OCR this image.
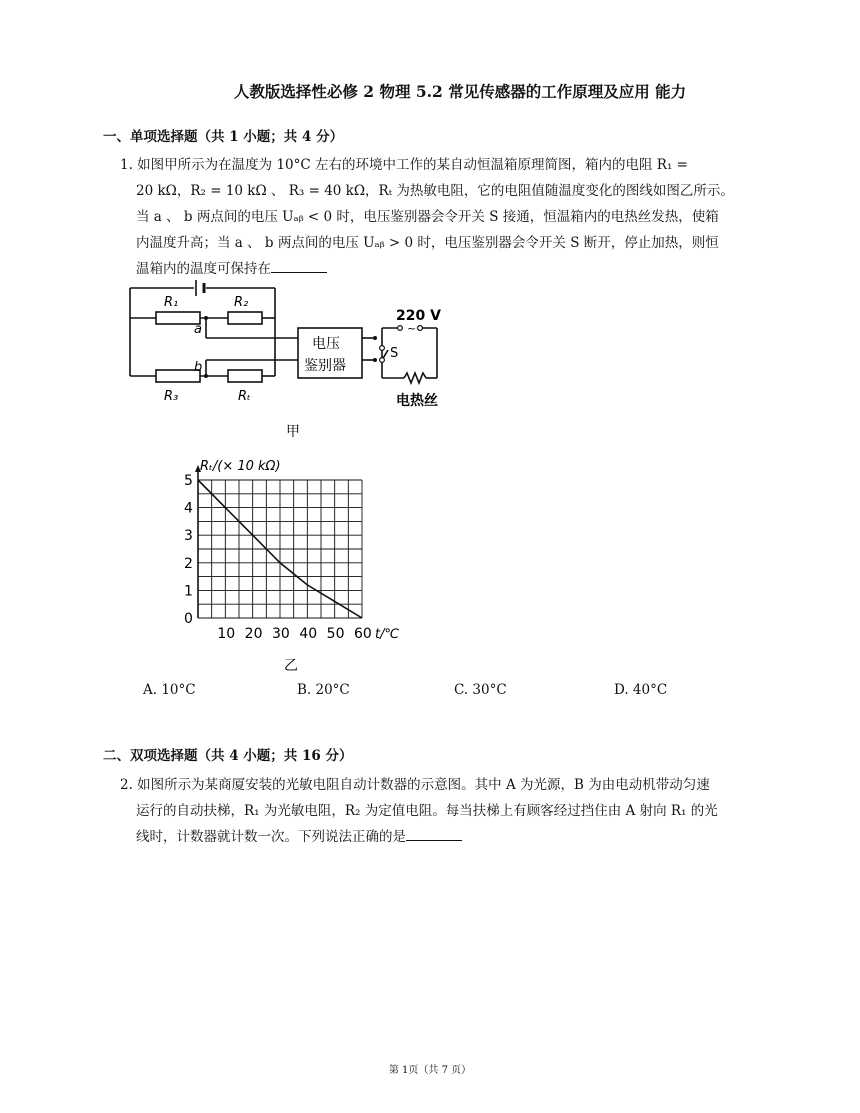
人教版选择性必修 2 物理 5.2 常见传感器的工作原理及应用 能力
一、单项选择题（共 1 小题；共 4 分）
1. 如图甲所示为在温度为 10°C 左右的环境中工作的某自动恒温箱原理简图，箱内的电阻 R₁ =
20 kΩ，R₂ = 10 kΩ 、 R₃ = 40 kΩ，Rₜ 为热敏电阻，它的电阻值随温度变化的图线如图乙所示。
当 a 、 b 两点间的电压 Uₐᵦ < 0 时，电压鉴别器会令开关 S 接通，恒温箱内的电热丝发热，使箱
内温度升高；当 a 、 b 两点间的电压 Uₐᵦ > 0 时，电压鉴别器会令开关 S 断开，停止加热，则恒
温箱内的温度可保持在
R₁	R₂
R₃	Rₜ
a
b
电压
鉴别器
220 V
~
S
电热丝
甲
10 20 30 40 50 60
0
1
2
3
4
5
Rₜ/(× 10 kΩ)
t/℃
乙
A. 10°C	B. 20°C	C. 30°C	D. 40°C
二、双项选择题（共 4 小题；共 16 分）
2. 如图所示为某商厦安装的光敏电阻自动计数器的示意图。其中 A 为光源，B 为由电动机带动匀速
运行的自动扶梯，R₁ 为光敏电阻，R₂ 为定值电阻。每当扶梯上有顾客经过挡住由 A 射向 R₁ 的光
线时，计数器就计数一次。下列说法正确的是
第 1页（共 7 页）
